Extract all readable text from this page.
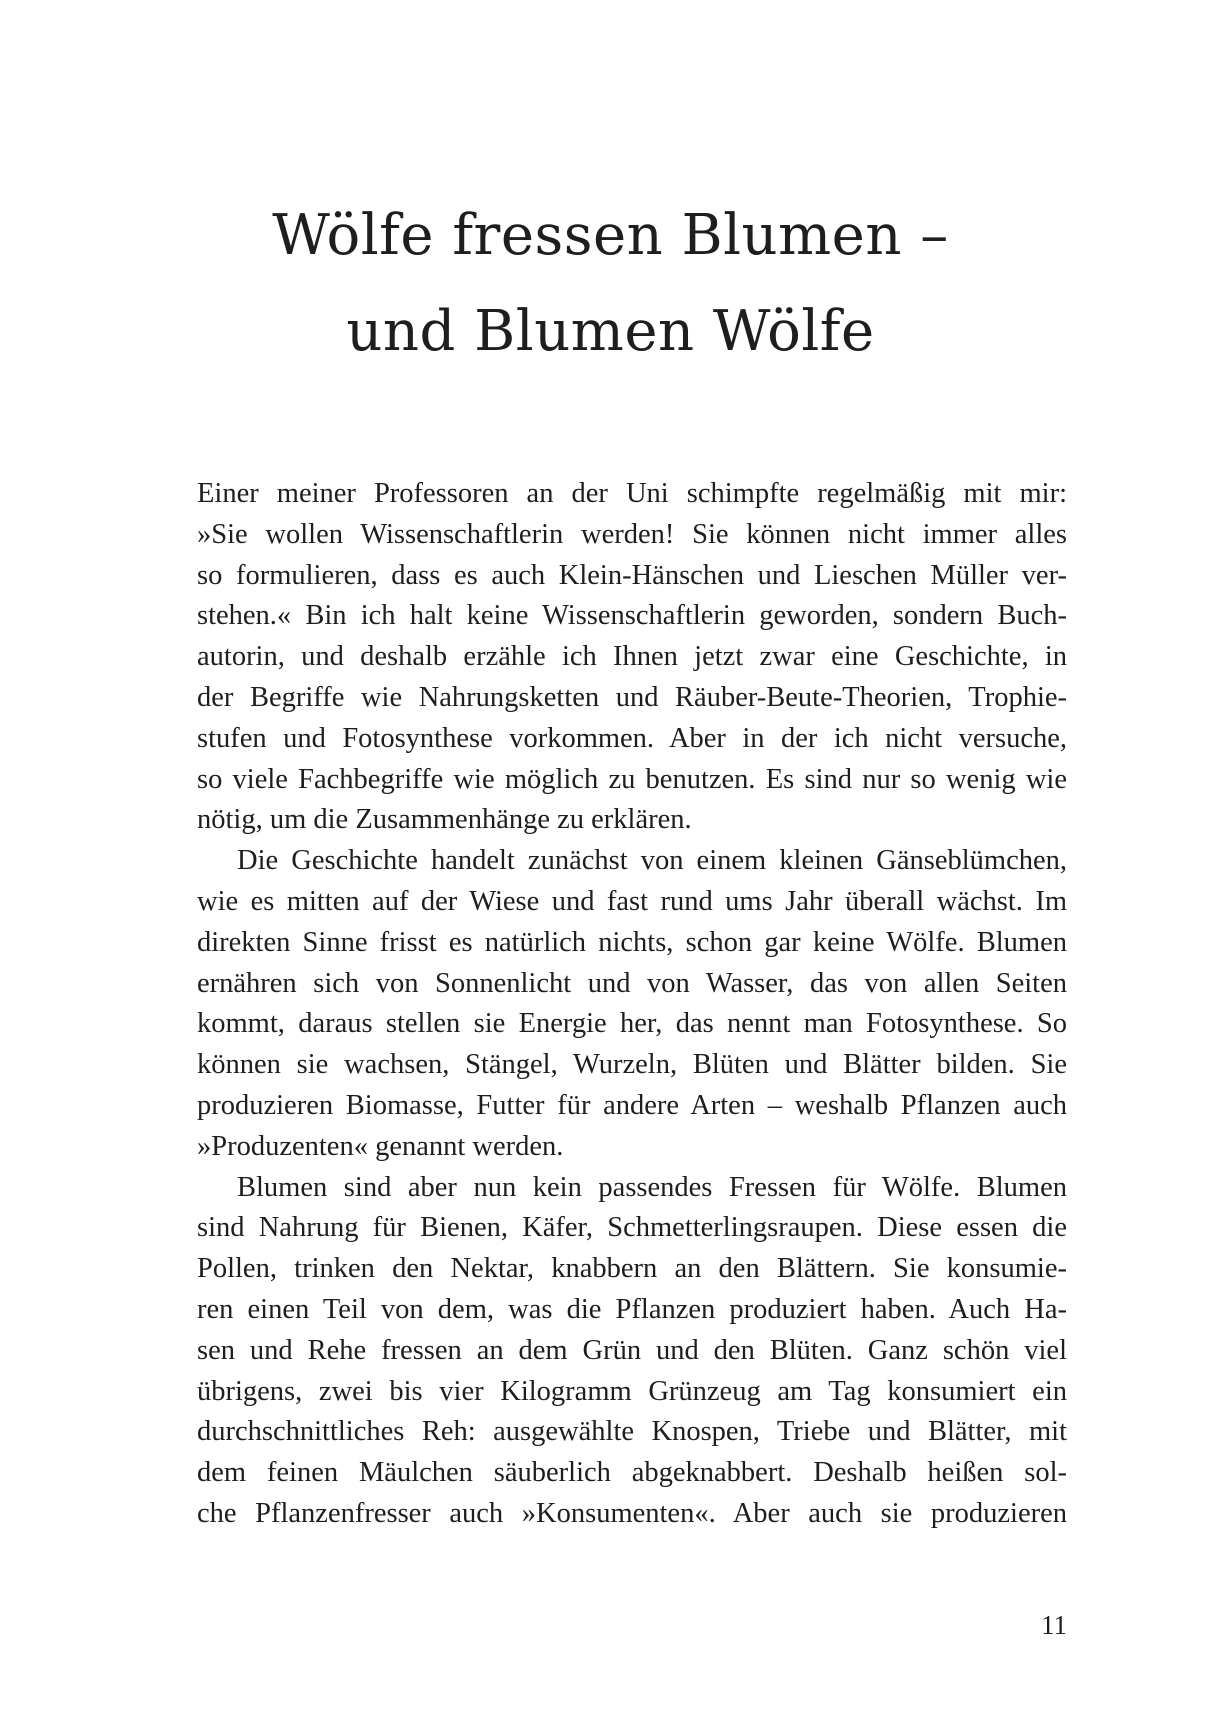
Wölfe fressen Blumen –
und Blumen Wölfe
Einer meiner Professoren an der Uni schimpfte regelmäßig mit mir:
»Sie wollen Wissenschaftlerin werden! Sie können nicht immer alles
so formulieren, dass es auch Klein-Hänschen und Lieschen Müller ver-
stehen.« Bin ich halt keine Wissenschaftlerin geworden, sondern Buch-
autorin, und deshalb erzähle ich Ihnen jetzt zwar eine Geschichte, in
der Begriffe wie Nahrungsketten und Räuber-Beute-Theorien, Trophie-
stufen und Fotosynthese vorkommen. Aber in der ich nicht versuche,
so viele Fachbegriffe wie möglich zu benutzen. Es sind nur so wenig wie
nötig, um die Zusammenhänge zu erklären.
Die Geschichte handelt zunächst von einem kleinen Gänseblümchen,
wie es mitten auf der Wiese und fast rund ums Jahr überall wächst. Im
direkten Sinne frisst es natürlich nichts, schon gar keine Wölfe. Blumen
ernähren sich von Sonnenlicht und von Wasser, das von allen Seiten
kommt, daraus stellen sie Energie her, das nennt man Fotosynthese. So
können sie wachsen, Stängel, Wurzeln, Blüten und Blätter bilden. Sie
produzieren Biomasse, Futter für andere Arten – weshalb Pflanzen auch
»Produzenten« genannt werden.
Blumen sind aber nun kein passendes Fressen für Wölfe. Blumen
sind Nahrung für Bienen, Käfer, Schmetterlingsraupen. Diese essen die
Pollen, trinken den Nektar, knabbern an den Blättern. Sie konsumie-
ren einen Teil von dem, was die Pflanzen produziert haben. Auch Ha-
sen und Rehe fressen an dem Grün und den Blüten. Ganz schön viel
übrigens, zwei bis vier Kilogramm Grünzeug am Tag konsumiert ein
durchschnittliches Reh: ausgewählte Knospen, Triebe und Blätter, mit
dem feinen Mäulchen säuberlich abgeknabbert. Deshalb heißen sol-
che Pflanzenfresser auch »Konsumenten«. Aber auch sie produzieren
11
